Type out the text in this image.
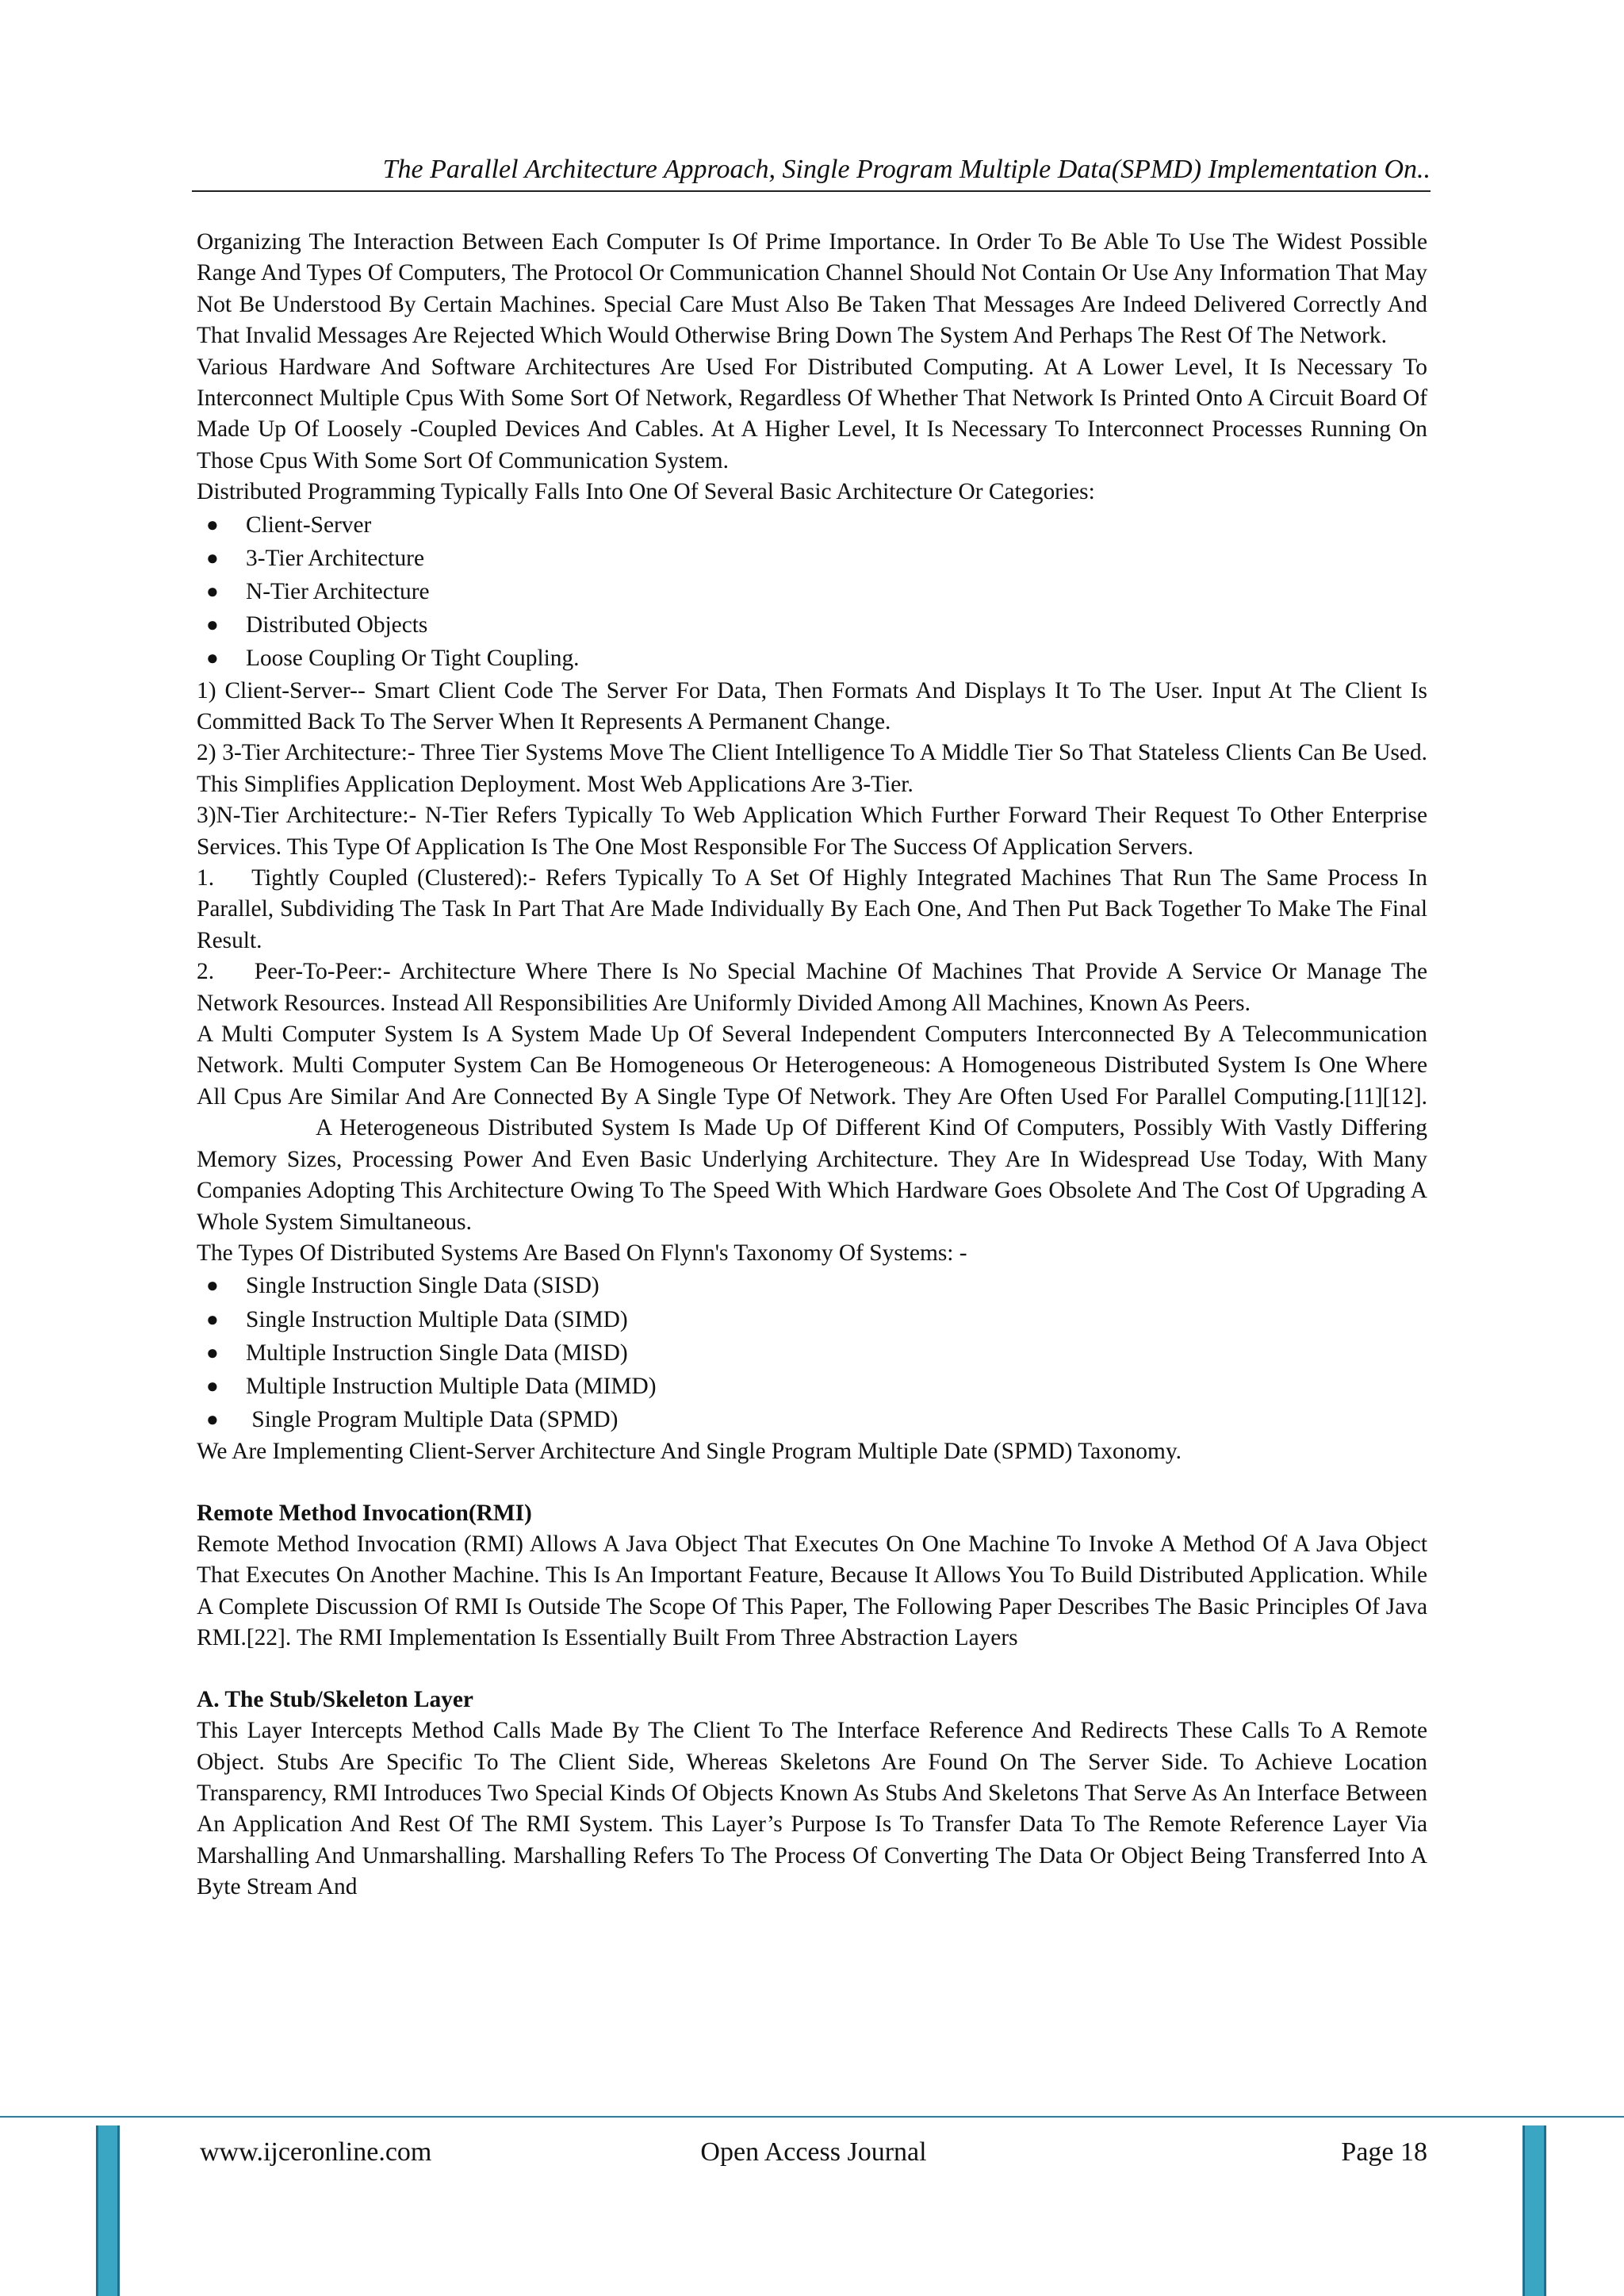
The Parallel Architecture Approach, Single Program Multiple Data(SPMD) Implementation On..

Organizing The Interaction Between Each Computer Is Of Prime Importance. In Order To Be Able To Use The Widest Possible Range And Types Of Computers, The Protocol Or Communication Channel Should Not Contain Or Use Any Information That May Not Be Understood By Certain Machines. Special Care Must Also Be Taken That Messages Are Indeed Delivered Correctly And That Invalid Messages Are Rejected Which Would Otherwise Bring Down The System And Perhaps The Rest Of The Network.

Various Hardware And Software Architectures Are Used For Distributed Computing. At A Lower Level, It Is Necessary To Interconnect Multiple Cpus With Some Sort Of Network, Regardless Of Whether That Network Is Printed Onto A Circuit Board Of Made Up Of Loosely -Coupled Devices And Cables. At A Higher Level, It Is Necessary To Interconnect Processes Running On Those Cpus With Some Sort Of Communication System.

Distributed Programming Typically Falls Into One Of Several Basic Architecture Or Categories:

● Client-Server
● 3-Tier Architecture
● N-Tier Architecture
● Distributed Objects
● Loose Coupling Or Tight Coupling.

1) Client-Server-- Smart Client Code The Server For Data, Then Formats And Displays It To The User. Input At The Client Is Committed Back To The Server When It Represents A Permanent Change.

2) 3-Tier Architecture:- Three Tier Systems Move The Client Intelligence To A Middle Tier So That Stateless Clients Can Be Used. This Simplifies Application Deployment. Most Web Applications Are 3-Tier.

3)N-Tier Architecture:- N-Tier Refers Typically To Web Application Which Further Forward Their Request To Other Enterprise Services. This Type Of Application Is The One Most Responsible For The Success Of Application Servers.

1.    Tightly Coupled (Clustered):- Refers Typically To A Set Of Highly Integrated Machines That Run The Same Process In Parallel, Subdividing The Task In Part That Are Made Individually By Each One, And Then Put Back Together To Make The Final Result.

2.    Peer-To-Peer:- Architecture Where There Is No Special Machine Of Machines That Provide A Service Or Manage The Network Resources. Instead All Responsibilities Are Uniformly Divided Among All Machines, Known As Peers.

A Multi Computer System Is A System Made Up Of Several Independent Computers Interconnected By A Telecommunication Network. Multi Computer System Can Be Homogeneous Or Heterogeneous: A Homogeneous Distributed System Is One Where All Cpus Are Similar And Are Connected By A Single Type Of Network. They Are Often Used For Parallel Computing.[11][12].A Heterogeneous Distributed System Is Made Up Of Different Kind Of Computers, Possibly With Vastly Differing Memory Sizes, Processing Power And Even Basic Underlying Architecture. They Are In Widespread Use Today, With Many Companies Adopting This Architecture Owing To The Speed With Which Hardware Goes Obsolete And The Cost Of Upgrading A Whole System Simultaneous.

The Types Of Distributed Systems Are Based On Flynn's Taxonomy Of Systems: -

● Single Instruction Single Data (SISD)
● Single Instruction Multiple Data (SIMD)
● Multiple Instruction Single Data (MISD)
● Multiple Instruction Multiple Data (MIMD)
● Single Program Multiple Data (SPMD)

We Are Implementing Client-Server Architecture And Single Program Multiple Date (SPMD) Taxonomy.

Remote Method Invocation(RMI)

Remote Method Invocation (RMI) Allows A Java Object That Executes On One Machine To Invoke A Method Of A Java Object That Executes On Another Machine. This Is An Important Feature, Because It Allows You To Build Distributed Application. While A Complete Discussion Of RMI Is Outside The Scope Of This Paper, The Following Paper Describes The Basic Principles Of Java RMI.[22]. The RMI Implementation Is Essentially Built From Three Abstraction Layers

A. The Stub/Skeleton Layer

This Layer Intercepts Method Calls Made By The Client To The Interface Reference And Redirects These Calls To A Remote Object. Stubs Are Specific To The Client Side, Whereas Skeletons Are Found On The Server Side. To Achieve Location Transparency, RMI Introduces Two Special Kinds Of Objects Known As Stubs And Skeletons That Serve As An Interface Between An Application And Rest Of The RMI System. This Layer’s Purpose Is To Transfer Data To The Remote Reference Layer Via Marshalling And Unmarshalling. Marshalling Refers To The Process Of Converting The Data Or Object Being Transferred Into A Byte Stream And

www.ijceronline.com	Open Access Journal	Page 18
